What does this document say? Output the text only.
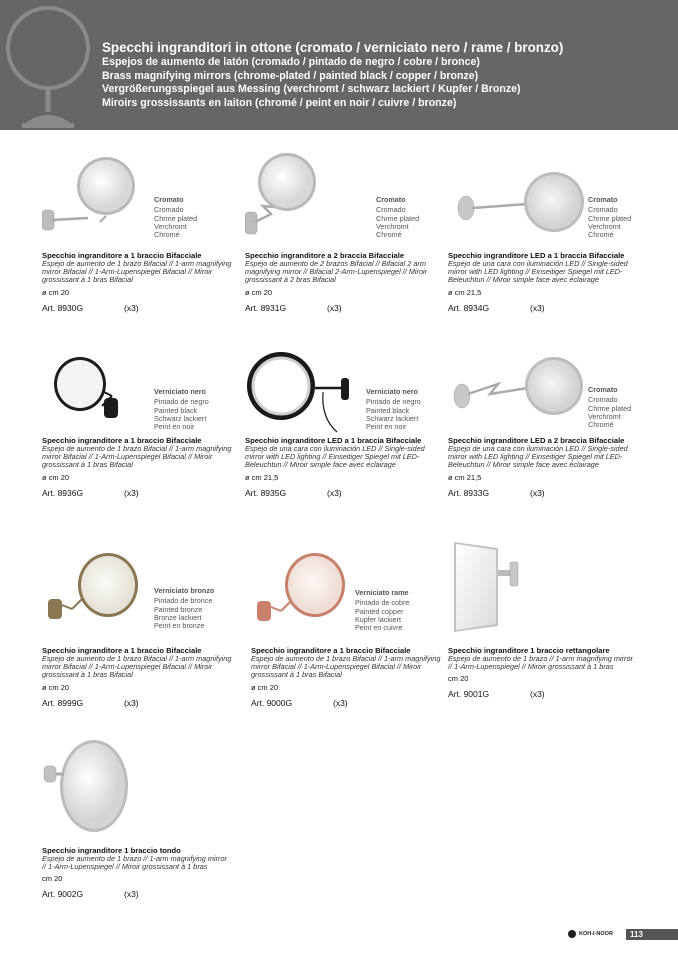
Specchi ingranditori in ottone (cromato / verniciato nero / rame / bronzo)
Espejos de aumento de latón (cromado / pintado de negro / cobre / bronce)
Brass magnifying mirrors (chrome-plated / painted black / copper / bronze)
Vergrößerungsspiegel aus Messing (verchromt / schwarz lackiert / Kupfer / Bronze)
Miroirs grossissants en laiton (chromé / peint en noir / cuivre / bronze)
Cromato
Cromado
Chrme plated
Verchromt
Chromé
Specchio ingranditore a 1 braccio Bifacciale
Espejo de aumento de 1 brazo Bifacial // 1-arm magnifying mirror Bifacial // 1-Arm-Lupenspiegel Bifacial // Miroir grossissant à 1 bras Bifacial
ø cm 20
Art. 8930G	(x3)
Cromato
Cromado
Chrme plated
Verchromt
Chromé
Specchio ingranditore a 2 braccia Bifacciale
Espejo de aumento de 2 brazos Bifacial // Bifacial 2 arm magnifying mirror // Bifacial 2-Arm-Lupenspiegel // Miroir grossissant à 2 bras Bifacial
ø cm 20
Art. 8931G	(x3)
Cromato
Cromado
Chrme plated
Verchromt
Chromé
Specchio ingranditore LED a 1 braccia Bifacciale
Espejo de una cara con iluminación LED // Single-sided mirror with LED lighting // Einseitiger Spiegel mit LED-Beleuchtun // Miroir simple face avec éclairage
ø cm 21,5
Art. 8934G	(x3)
Verniciato nero
Pintado de negro
Painted black
Schwarz lackiert
Peint en noir
Specchio ingranditore a 1 braccio Bifacciale
Espejo de aumento de 1 brazo Bifacial // 1-arm magnifying mirror Bifacial // 1-Arm-Lupenspiegel Bifacial // Miroir grossissant à 1 bras Bifacial
ø cm 20
Art. 8936G	(x3)
Verniciato nero
Pintado de negro
Painted black
Schwarz lackiert
Peint en noir
Specchio ingranditore LED a 1 braccia Bifacciale
Espejo de una cara con iluminación LED // Single-sided mirror with LED lighting // Einseitiger Spiegel mit LED-Beleuchtun // Miroir simple face avec éclairage
ø cm 21,5
Art. 8935G	(x3)
Cromato
Cromado
Chrme plated
Verchromt
Chromé
Specchio ingranditore LED a 2 braccia Bifacciale
Espejo de una cara con iluminación LED // Single-sided mirror with LED lighting // Einseitiger Spiegel mit LED-Beleuchtun // Miroir simple face avec éclairage
ø cm 21,5
Art. 8933G	(x3)
Verniciato bronzo
Pintado de bronce
Painted bronze
Bronze lackiert
Peint en bronze
Specchio ingranditore a 1 braccio Bifacciale
Espejo de aumento de 1 brazo Bifacial // 1-arm magnifying mirror Bifacial // 1-Arm-Lupenspiegel Bifacial // Miroir grossissant à 1 bras Bifacial
ø cm 20
Art. 8999G	(x3)
Verniciato rame
Pintado de cobre
Painted copper
Kupfer lackiert
Peint en cuivre
Specchio ingranditore a 1 braccio Bifacciale
Espejo de aumento de 1 brazo Bifacial // 1-arm magnifying mirror Bifacial // 1-Arm-Lupenspiegel Bifacial // Miroir grossissant à 1 bras Bifacial
ø cm 20
Art. 9000G	(x3)
Specchio ingranditore 1 braccio rettangolare
Espejo de aumento de 1 brazo // 1-arm magnifying mirror // 1-Arm-Lupenspiegel // Miroir grossissant à 1 bras
cm 20
Art. 9001G	(x3)
Specchio ingranditore 1 braccio tondo
Espejo de aumento de 1 brazo // 1-arm magnifying mirror // 1-Arm-Lupenspiegel // Miroir grossissant à 1 bras
cm 20
Art. 9002G	(x3)
KOH-I-NOOR	113
